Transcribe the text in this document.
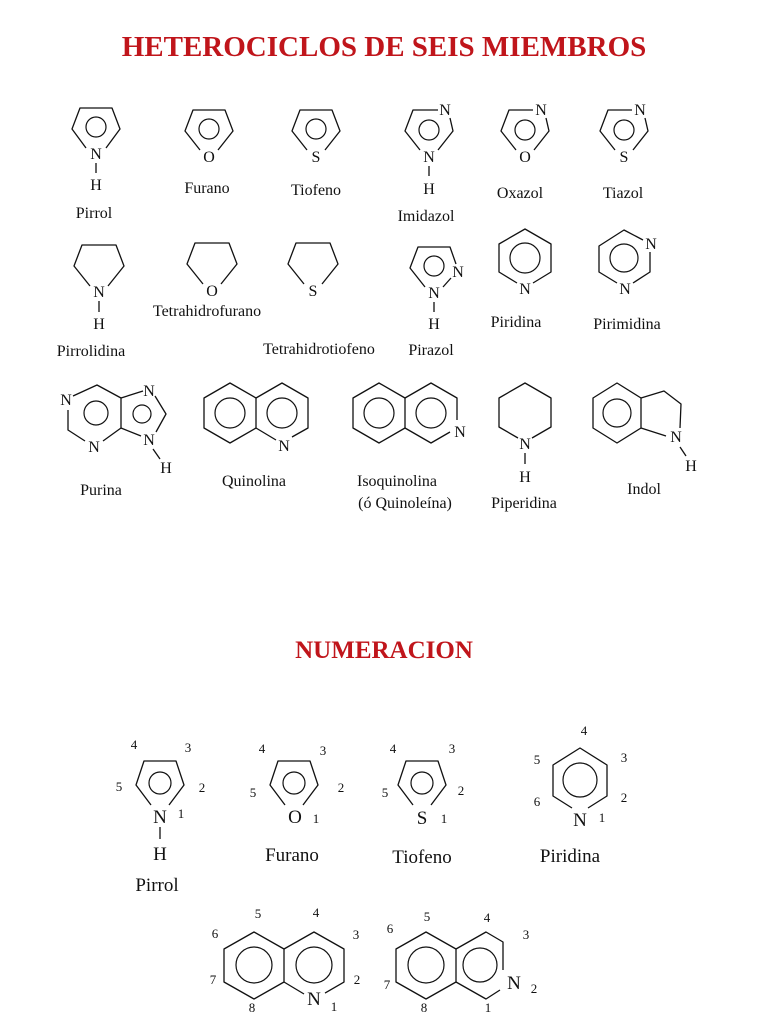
HETEROCICLOS DE SEIS MIEMBROS
N
H
Pirrol
O
Furano
S
Tiofeno
N
N
H
Imidazol
N
O
Oxazol
N
S
Tiazol
N
H
Pirrolidina
O
Tetrahidrofurano
S
Tetrahidrotiofeno
N
N
H
Pirazol
N
Piridina
N
N
Pirimidina
N
N
N
N
H
Purina
N
Quinolina
N
Isoquinolina
(ó Quinoleína)
N
H
Piperidina
N
H
Indol
NUMERACION
N
H
4	3
5	2
1
Pirrol
O
4	3
5	2
1
Furano
S
4	3
5	2
1
Tiofeno
N
4
5	3
6	2
1
Piridina
N
5	4
6	3
7	2
8	1
N
5	4
6	3
7	2
8	1
